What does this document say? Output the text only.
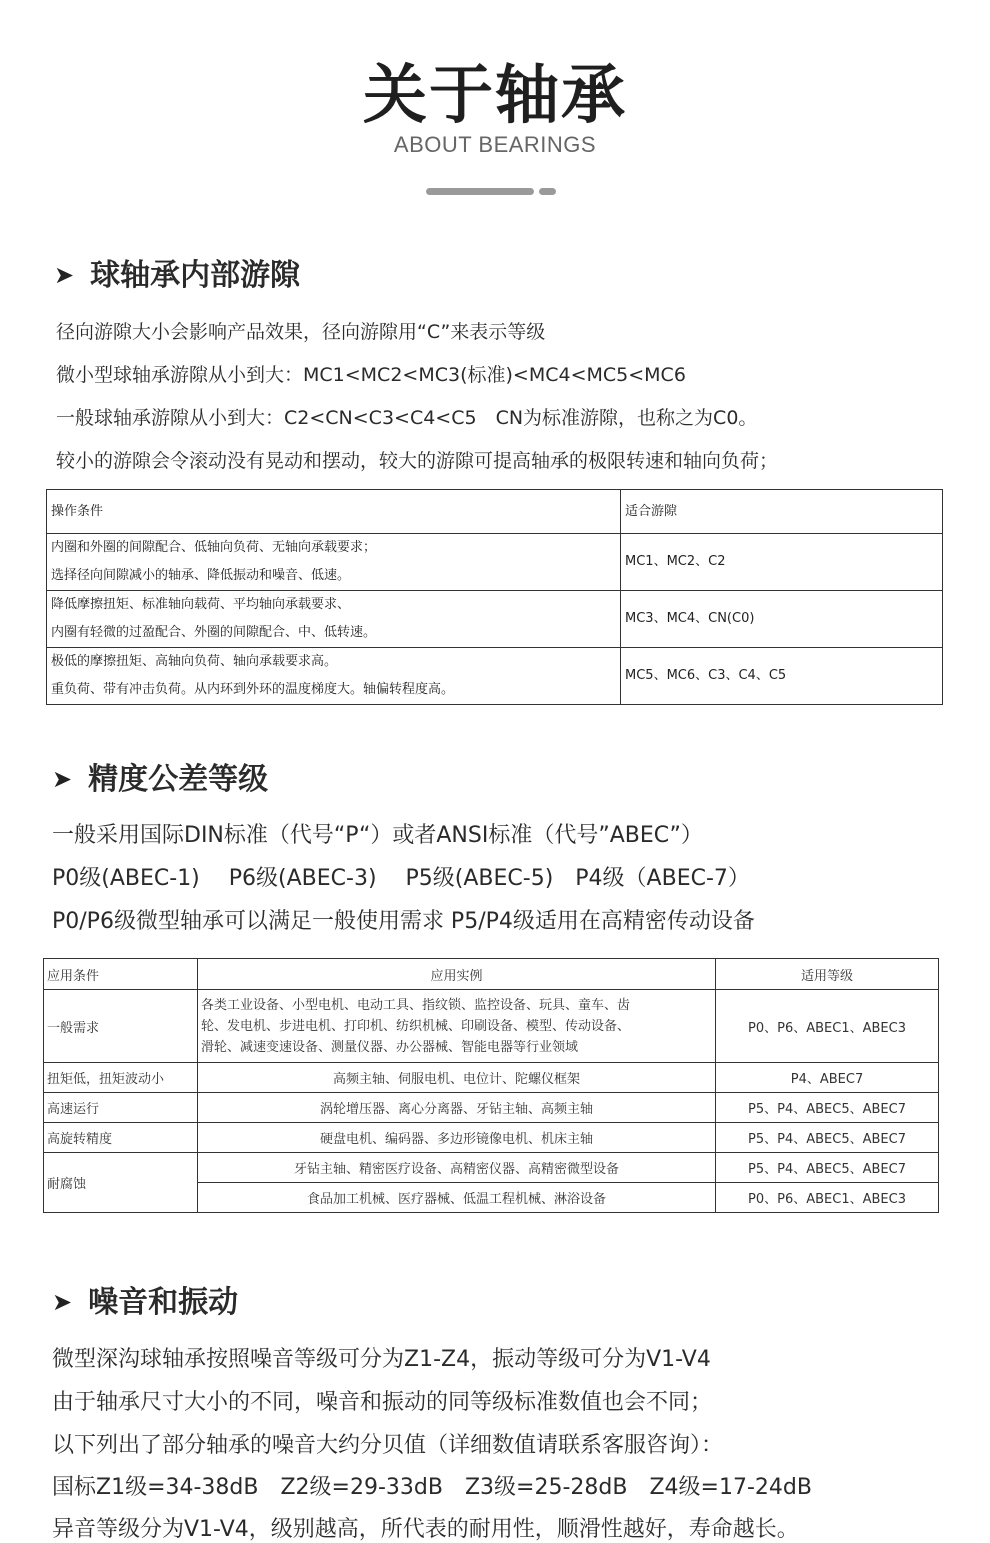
关于轴承
ABOUT BEARINGS
➤ 球轴承内部游隙
径向游隙大小会影响产品效果，径向游隙用“C”来表示等级
微小型球轴承游隙从小到大：MC1<MC2<MC3(标准)<MC4<MC5<MC6
一般球轴承游隙从小到大：C2<CN<C3<C4<C5　CN为标准游隙，也称之为C0。
较小的游隙会令滚动没有晃动和摆动，较大的游隙可提高轴承的极限转速和轴向负荷；
操作条件	适合游隙

内圈和外圈的间隙配合、低轴向负荷、无轴向承载要求；
选择径向间隙减小的轴承、降低振动和噪音、低速。	MC1、MC2、C2

降低摩擦扭矩、标准轴向载荷、平均轴向承载要求、
内圈有轻微的过盈配合、外圈的间隙配合、中、低转速。	MC3、MC4、CN(C0)

极低的摩擦扭矩、高轴向负荷、轴向承载要求高。
重负荷、带有冲击负荷。从内环到外环的温度梯度大。轴偏转程度高。	MC5、MC6、C3、C4、C5
➤ 精度公差等级
一般采用国际DIN标准（代号“P“）或者ANSI标准（代号”ABEC”）
P0级(ABEC-1)　 P6级(ABEC-3)　 P5级(ABEC-5)　P4级（ABEC-7）
P0/P6级微型轴承可以满足一般使用需求 P5/P4级适用在高精密传动设备
应用条件	应用实例	适用等级
一般需求	各类工业设备、小型电机、电动工具、指纹锁、监控设备、玩具、童车、齿
轮、发电机、步进电机、打印机、纺织机械、印刷设备、模型、传动设备、
滑轮、减速变速设备、测量仪器、办公器械、智能电器等行业领域	P0、P6、ABEC1、ABEC3
扭矩低，扭矩波动小	高频主轴、伺服电机、电位计、陀螺仪框架	P4、ABEC7
高速运行	涡轮增压器、离心分离器、牙钻主轴、高频主轴	P5、P4、ABEC5、ABEC7
高旋转精度	硬盘电机、编码器、多边形镜像电机、机床主轴	P5、P4、ABEC5、ABEC7
耐腐蚀	牙钻主轴、精密医疗设备、高精密仪器、高精密微型设备	P5、P4、ABEC5、ABEC7
	食品加工机械、医疗器械、低温工程机械、淋浴设备	P0、P6、ABEC1、ABEC3
➤ 噪音和振动
微型深沟球轴承按照噪音等级可分为Z1-Z4，振动等级可分为V1-V4
由于轴承尺寸大小的不同，噪音和振动的同等级标准数值也会不同；
以下列出了部分轴承的噪音大约分贝值（详细数值请联系客服咨询）：
国标Z1级=34-38dB　Z2级=29-33dB　Z3级=25-28dB　Z4级=17-24dB
异音等级分为V1-V4，级别越高，所代表的耐用性，顺滑性越好，寿命越长。
